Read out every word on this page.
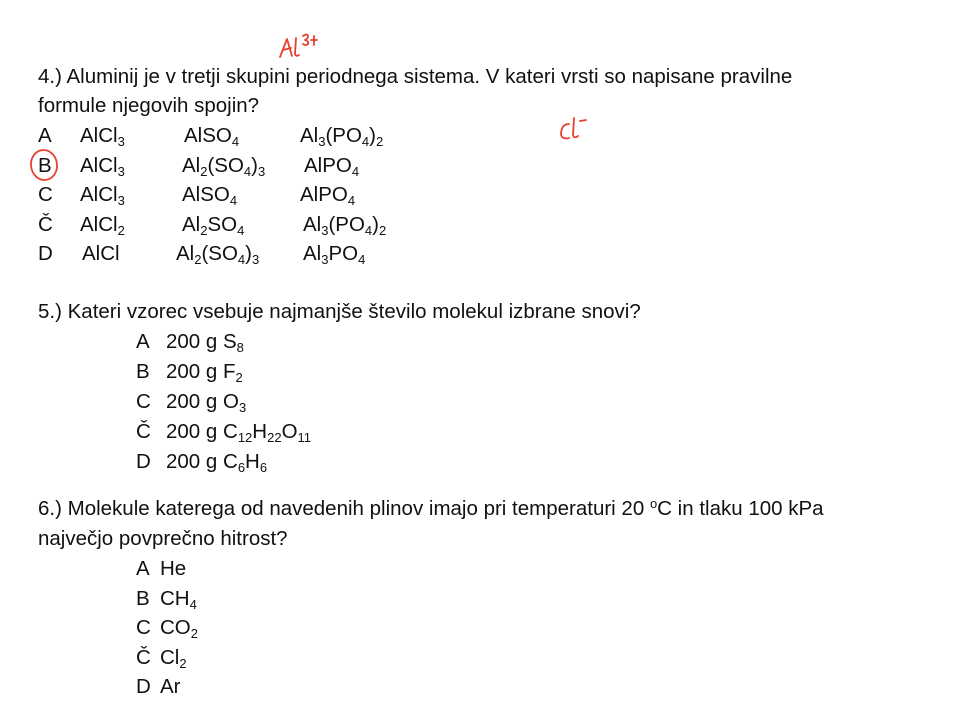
4.) Aluminij je v tretji skupini periodnega sistema. V kateri vrsti so napisane pravilne
formule njegovih spojin?
A AlCl$_3$	AlSO$_4$	$Al_3(PO_4)_2$
B AlCl$_3$	$Al_2(SO_4)_3$ AlPO$_4$
C AlCl$_3$	AlSO$_4$	AlPO$_4$
Č AlCl$_2$	$Al_2SO_4$	$Al_3(PO_4)_2$
D AlCl	$Al_2(SO_4)_3$ $Al_3PO_4$
5.) Kateri vzorec vsebuje najmanjše število molekul izbrane snovi?
A 200 g $S_8$
B 200 g $F_2$
C 200 g $O_3$
Č 200 g $C_{12}H_{22}O_{11}$
D 200 g $C_6H_6$
6.) Molekule katerega od navedenih plinov imajo pri temperaturi 20 $^o$C in tlaku 100 kPa
največjo povprečno hitrost?
A He
B $CH_4$
C $CO_2$
Č $Cl_2$
D Ar
